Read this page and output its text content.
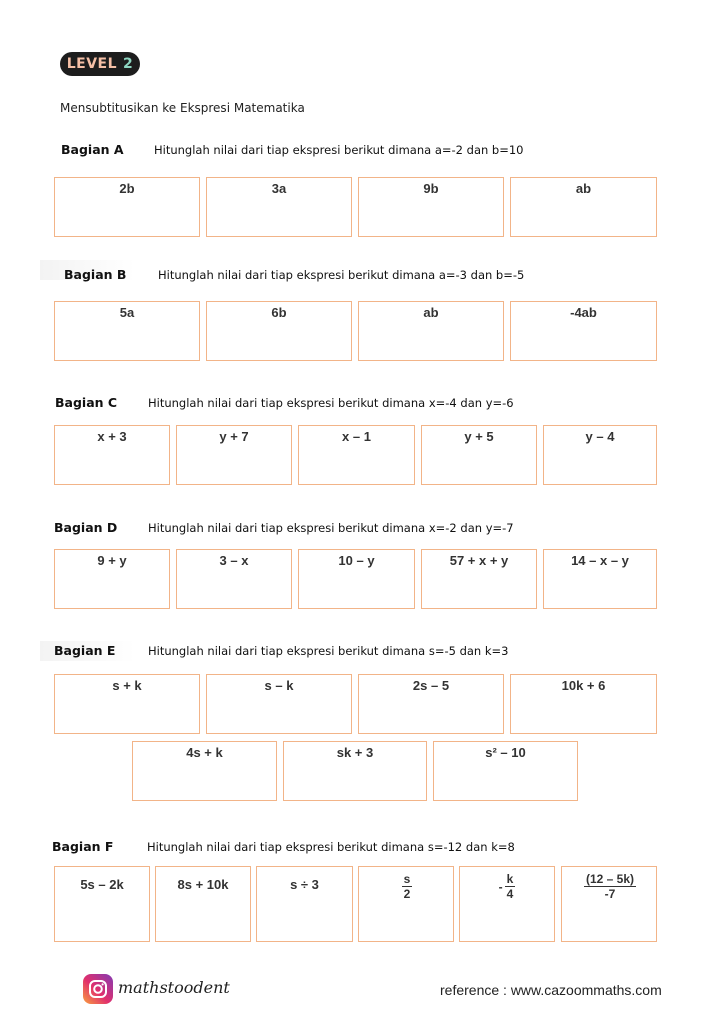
LEVEL 2
Mensubtitusikan ke Ekspresi Matematika
Bagian A	Hitunglah nilai dari tiap ekspresi berikut dimana a=-2 dan b=10
2b	3a	9b	ab
Bagian B	Hitunglah nilai dari tiap ekspresi berikut dimana a=-3 dan b=-5
5a	6b	ab	-4ab
Bagian C	Hitunglah nilai dari tiap ekspresi berikut dimana x=-4 dan y=-6
x + 3	y + 7	x – 1	y + 5	y – 4
Bagian D	Hitunglah nilai dari tiap ekspresi berikut dimana x=-2 dan y=-7
9 + y	3 – x	10 – y	57 + x + y	14 – x – y
Bagian E	Hitunglah nilai dari tiap ekspresi berikut dimana s=-5 dan k=3
s + k	s – k	2s – 5	10k + 6
4s + k	sk + 3	s² – 10
Bagian F	Hitunglah nilai dari tiap ekspresi berikut dimana s=-12 dan k=8
5s – 2k	8s + 10k	s ÷ 3	$\frac{s}{2}$	- $\frac{k}{4}$	$\frac{(12 - 5k)}{-7}$
mathstoodent	reference : www.cazoommaths.com
